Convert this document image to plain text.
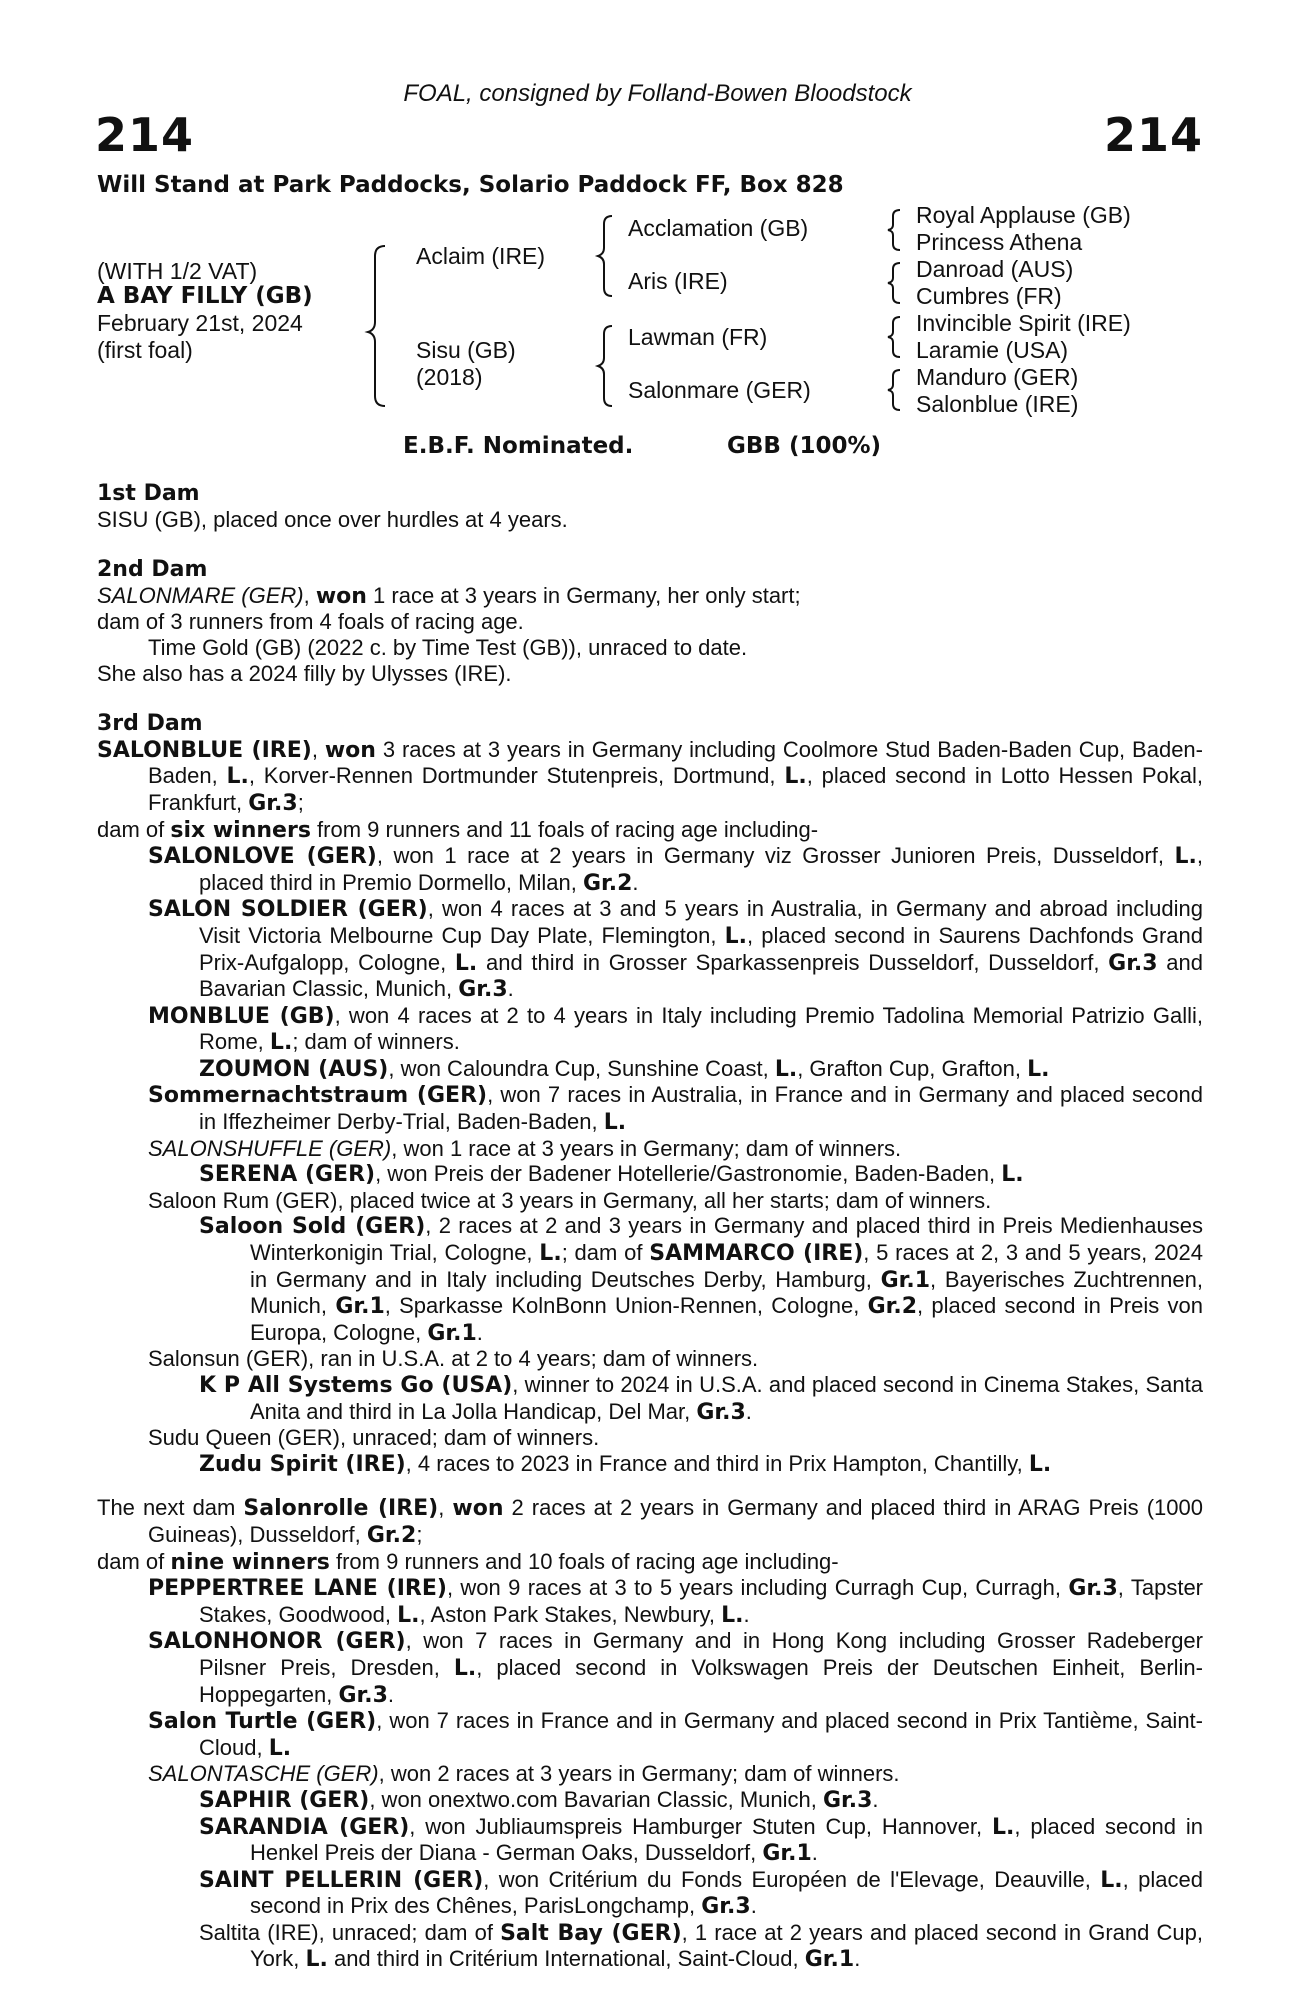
FOAL, consigned by Folland-Bowen Bloodstock
214	214
Will Stand at Park Paddocks, Solario Paddock FF, Box 828
(WITH 1/2 VAT)
A BAY FILLY (GB)
February 21st, 2024
(first foal)
Aclaim (IRE)
Sisu (GB)
(2018)
Acclamation (GB)
Aris (IRE)
Lawman (FR)
Salonmare (GER)
Royal Applause (GB)
Princess Athena
Danroad (AUS)
Cumbres (FR)
Invincible Spirit (IRE)
Laramie (USA)
Manduro (GER)
Salonblue (IRE)
E.B.F. Nominated.	GBB (100%)

1st Dam

SISU (GB), placed once over hurdles at 4 years.

2nd Dam

SALONMARE (GER), won 1 race at 3 years in Germany, her only start;

dam of 3 runners from 4 foals of racing age.

Time Gold (GB) (2022 c. by Time Test (GB)), unraced to date.

She also has a 2024 filly by Ulysses (IRE).

3rd Dam

SALONBLUE (IRE), won 3 races at 3 years in Germany including Coolmore Stud Baden-Baden Cup, Baden-Baden, L., Korver-Rennen Dortmunder Stutenpreis, Dortmund, L., placed second in Lotto Hessen Pokal, Frankfurt, Gr.3;

dam of six winners from 9 runners and 11 foals of racing age including-

SALONLOVE (GER), won 1 race at 2 years in Germany viz Grosser Junioren Preis, Dusseldorf, L., placed third in Premio Dormello, Milan, Gr.2.

SALON SOLDIER (GER), won 4 races at 3 and 5 years in Australia, in Germany and abroad including Visit Victoria Melbourne Cup Day Plate, Flemington, L., placed second in Saurens Dachfonds Grand Prix-Aufgalopp, Cologne, L. and third in Grosser Sparkassenpreis Dusseldorf, Dusseldorf, Gr.3 and Bavarian Classic, Munich, Gr.3.

MONBLUE (GB), won 4 races at 2 to 4 years in Italy including Premio Tadolina Memorial Patrizio Galli, Rome, L.; dam of winners.

ZOUMON (AUS), won Caloundra Cup, Sunshine Coast, L., Grafton Cup, Grafton, L.

Sommernachtstraum (GER), won 7 races in Australia, in France and in Germany and placed second in Iffezheimer Derby-Trial, Baden-Baden, L.

SALONSHUFFLE (GER), won 1 race at 3 years in Germany; dam of winners.

SERENA (GER), won Preis der Badener Hotellerie/Gastronomie, Baden-Baden, L.

Saloon Rum (GER), placed twice at 3 years in Germany, all her starts; dam of winners.

Saloon Sold (GER), 2 races at 2 and 3 years in Germany and placed third in Preis Medienhauses Winterkonigin Trial, Cologne, L.; dam of SAMMARCO (IRE), 5 races at 2, 3 and 5 years, 2024 in Germany and in Italy including Deutsches Derby, Hamburg, Gr.1, Bayerisches Zuchtrennen, Munich, Gr.1, Sparkasse KolnBonn Union-Rennen, Cologne, Gr.2, placed second in Preis von Europa, Cologne, Gr.1.

Salonsun (GER), ran in U.S.A. at 2 to 4 years; dam of winners.

K P All Systems Go (USA), winner to 2024 in U.S.A. and placed second in Cinema Stakes, Santa Anita and third in La Jolla Handicap, Del Mar, Gr.3.

Sudu Queen (GER), unraced; dam of winners.

Zudu Spirit (IRE), 4 races to 2023 in France and third in Prix Hampton, Chantilly, L.

The next dam Salonrolle (IRE), won 2 races at 2 years in Germany and placed third in ARAG Preis (1000 Guineas), Dusseldorf, Gr.2;

dam of nine winners from 9 runners and 10 foals of racing age including-

PEPPERTREE LANE (IRE), won 9 races at 3 to 5 years including Curragh Cup, Curragh, Gr.3, Tapster Stakes, Goodwood, L., Aston Park Stakes, Newbury, L..

SALONHONOR (GER), won 7 races in Germany and in Hong Kong including Grosser Radeberger Pilsner Preis, Dresden, L., placed second in Volkswagen Preis der Deutschen Einheit, Berlin-Hoppegarten, Gr.3.

Salon Turtle (GER), won 7 races in France and in Germany and placed second in Prix Tantième, Saint-Cloud, L.

SALONTASCHE (GER), won 2 races at 3 years in Germany; dam of winners.

SAPHIR (GER), won onextwo.com Bavarian Classic, Munich, Gr.3.

SARANDIA (GER), won Jubliaumspreis Hamburger Stuten Cup, Hannover, L., placed second in Henkel Preis der Diana - German Oaks, Dusseldorf, Gr.1.

SAINT PELLERIN (GER), won Critérium du Fonds Européen de l'Elevage, Deauville, L., placed second in Prix des Chênes, ParisLongchamp, Gr.3.

Saltita (IRE), unraced; dam of Salt Bay (GER), 1 race at 2 years and placed second in Grand Cup, York, L. and third in Critérium International, Saint-Cloud, Gr.1.
